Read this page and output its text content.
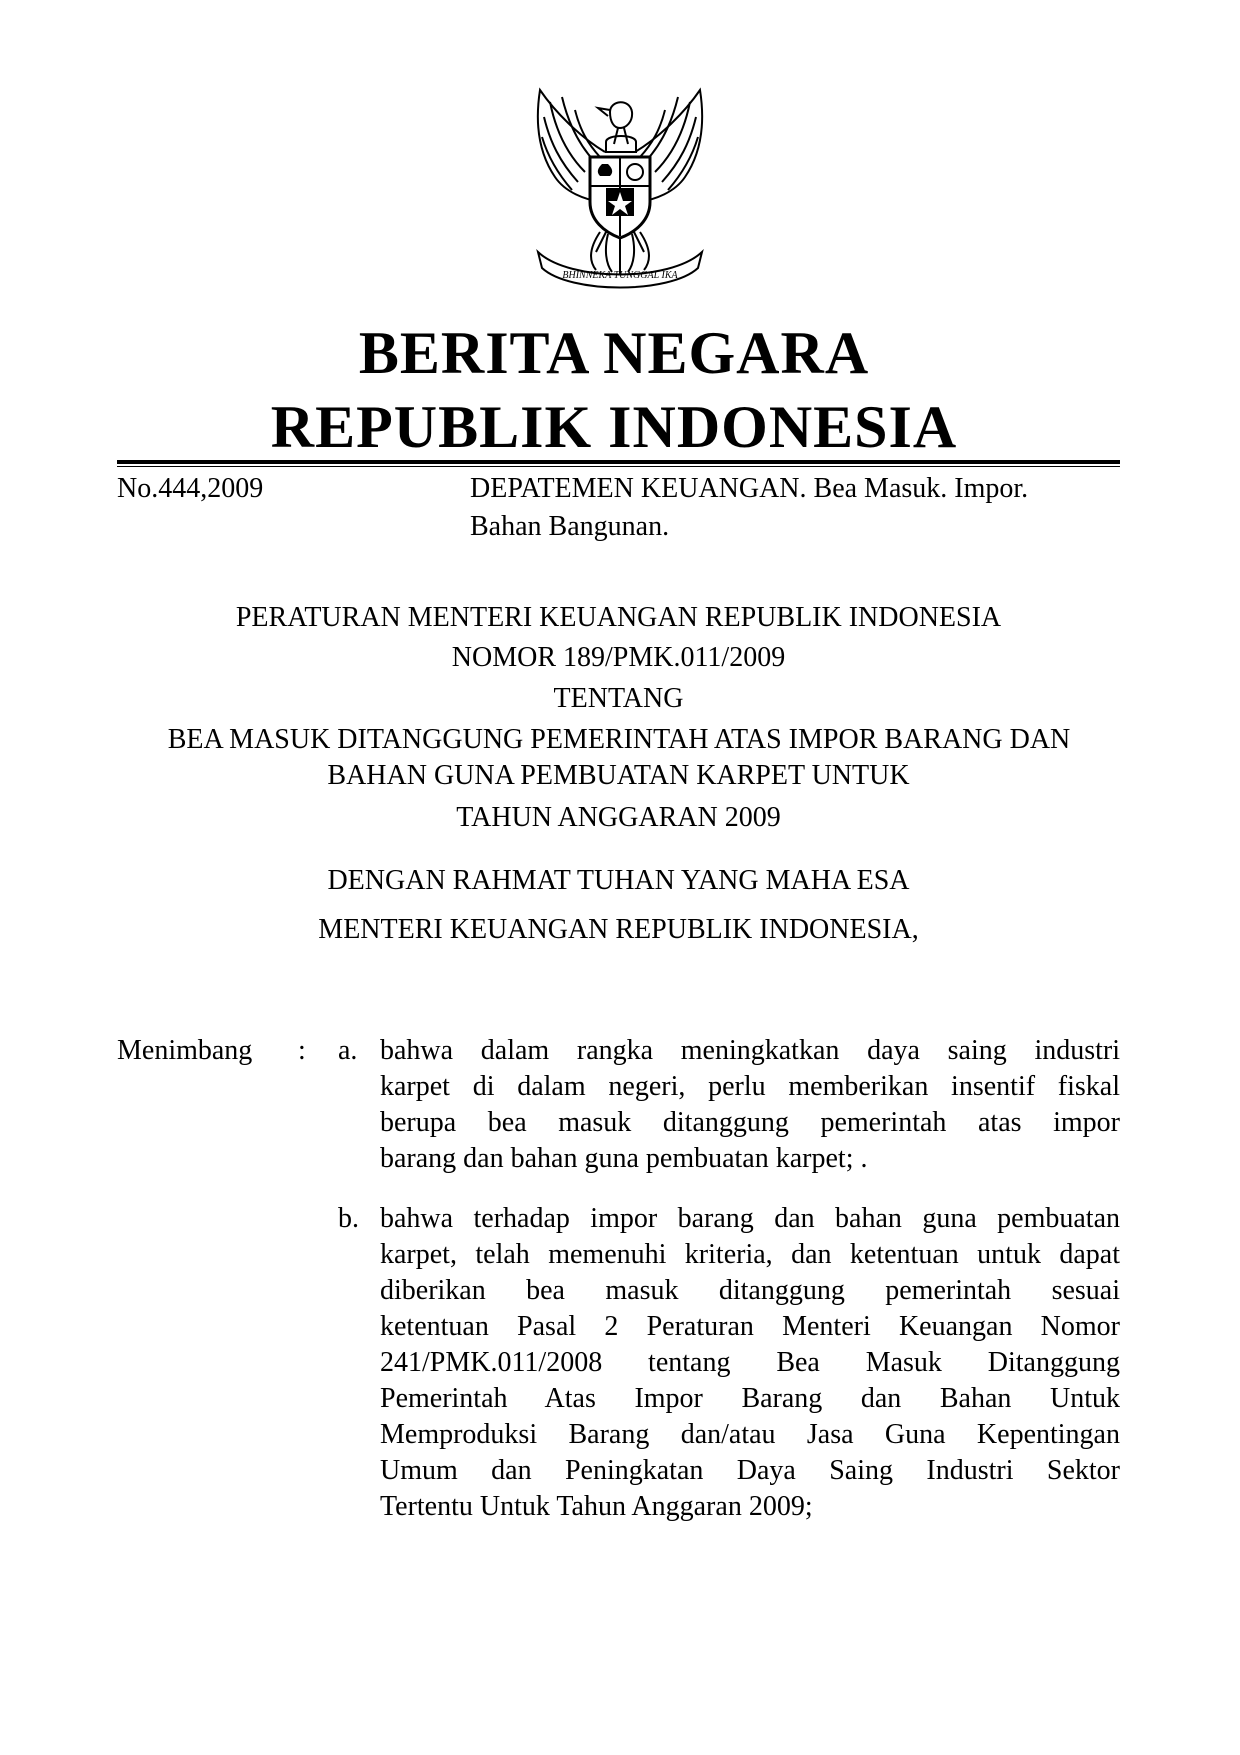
BHINNEKA TUNGGAL IKA
BERITA NEGARA
REPUBLIK INDONESIA
No.444,2009	DEPATEMEN KEUANGAN. Bea Masuk. Impor.
Bahan Bangunan.
PERATURAN MENTERI KEUANGAN REPUBLIK INDONESIA
NOMOR 189/PMK.011/2009
TENTANG
BEA MASUK DITANGGUNG PEMERINTAH ATAS IMPOR BARANG DAN
BAHAN GUNA PEMBUATAN KARPET UNTUK
TAHUN ANGGARAN 2009
DENGAN RAHMAT TUHAN YANG MAHA ESA
MENTERI KEUANGAN REPUBLIK INDONESIA,
Menimbang : a. bahwa dalam rangka meningkatkan daya saing industri
karpet di dalam negeri, perlu memberikan insentif fiskal
berupa bea masuk ditanggung pemerintah atas impor
barang dan bahan guna pembuatan karpet; .
b. bahwa terhadap impor barang dan bahan guna pembuatan
karpet, telah memenuhi kriteria, dan ketentuan untuk dapat
diberikan bea masuk ditanggung pemerintah sesuai
ketentuan Pasal 2 Peraturan Menteri Keuangan Nomor
241/PMK.011/2008 tentang Bea Masuk Ditanggung
Pemerintah Atas Impor Barang dan Bahan Untuk
Memproduksi Barang dan/atau Jasa Guna Kepentingan
Umum dan Peningkatan Daya Saing Industri Sektor
Tertentu Untuk Tahun Anggaran 2009;
